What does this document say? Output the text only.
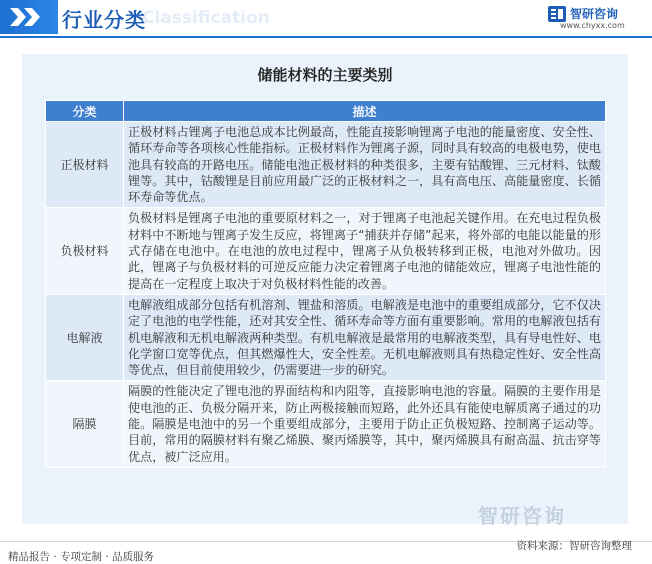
Classification
行业分类	智研咨询
www.chyxx.com
储能材料的主要类别
分类	描述
正极材料	正极材料占锂离子电池总成本比例最高，性能直接影响锂离子电池的能量密度、安全性、循环寿命等各项核心性能指标。正极材料作为锂离子源，同时具有较高的电极电势，使电池具有较高的开路电压。储能电池正极材料的种类很多，主要有钴酸锂、三元材料、钛酸锂等。其中，钴酸锂是目前应用最广泛的正极材料之一，具有高电压、高能量密度、长循环寿命等优点。
负极材料	负极材料是锂离子电池的重要原材料之一，对于锂离子电池起关键作用。在充电过程负极材料中不断地与锂离子发生反应，将锂离子“捕获并存储”起来，将外部的电能以能量的形式存储在电池中。在电池的放电过程中，锂离子从负极转移到正极，电池对外做功。因此，锂离子与负极材料的可逆反应能力决定着锂离子电池的储能效应，锂离子电池性能的提高在一定程度上取决于对负极材料性能的改善。
电解液	电解液组成部分包括有机溶剂、锂盐和溶质。电解液是电池中的重要组成部分，它不仅决定了电池的电学性能，还对其安全性、循环寿命等方面有重要影响。常用的电解液包括有机电解液和无机电解液两种类型。有机电解液是最常用的电解液类型，具有导电性好、电化学窗口宽等优点，但其燃爆性大，安全性差。无机电解液则具有热稳定性好、安全性高等优点，但目前使用较少，仍需要进一步的研究。
隔膜	隔膜的性能决定了锂电池的界面结构和内阻等，直接影响电池的容量。隔膜的主要作用是使电池的正、负极分隔开来，防止两极接触而短路，此外还具有能使电解质离子通过的功能。隔膜是电池中的另一个重要组成部分，主要用于防止正负极短路、控制离子运动等。目前，常用的隔膜材料有聚乙烯膜、聚丙烯膜等，其中，聚丙烯膜具有耐高温、抗击穿等优点，被广泛应用。
智研咨询
资料来源：智研咨询整理
精品报告 · 专项定制 · 品质服务
